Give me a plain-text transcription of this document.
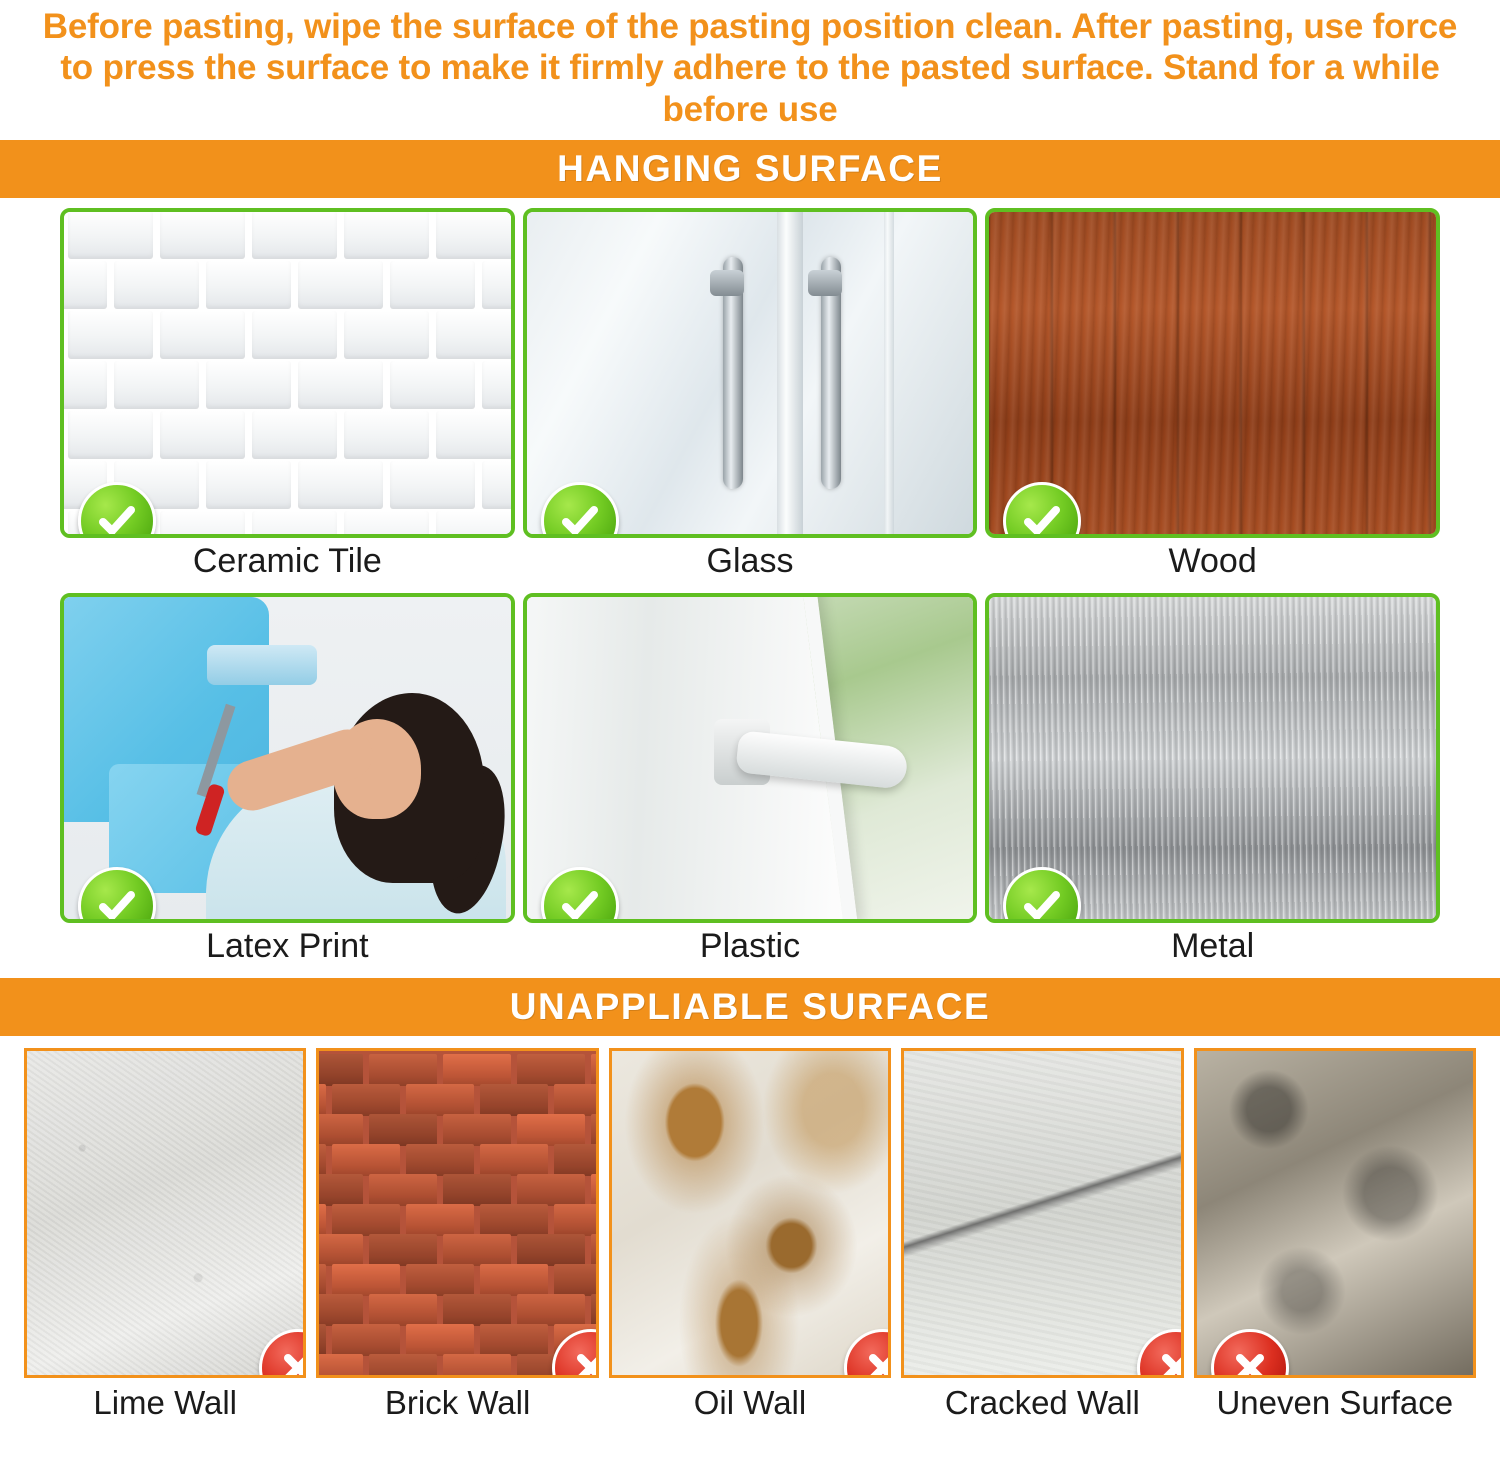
Before pasting, wipe the surface of the pasting position clean. After pasting, use force to press the surface to make it firmly adhere to the pasted surface. Stand for a while before use
HANGING SURFACE
Ceramic Tile	Glass	Wood
Latex Print	Plastic	Metal
UNAPPLIABLE SURFACE
Lime Wall	Brick Wall	Oil Wall	Cracked Wall	Uneven Surface
